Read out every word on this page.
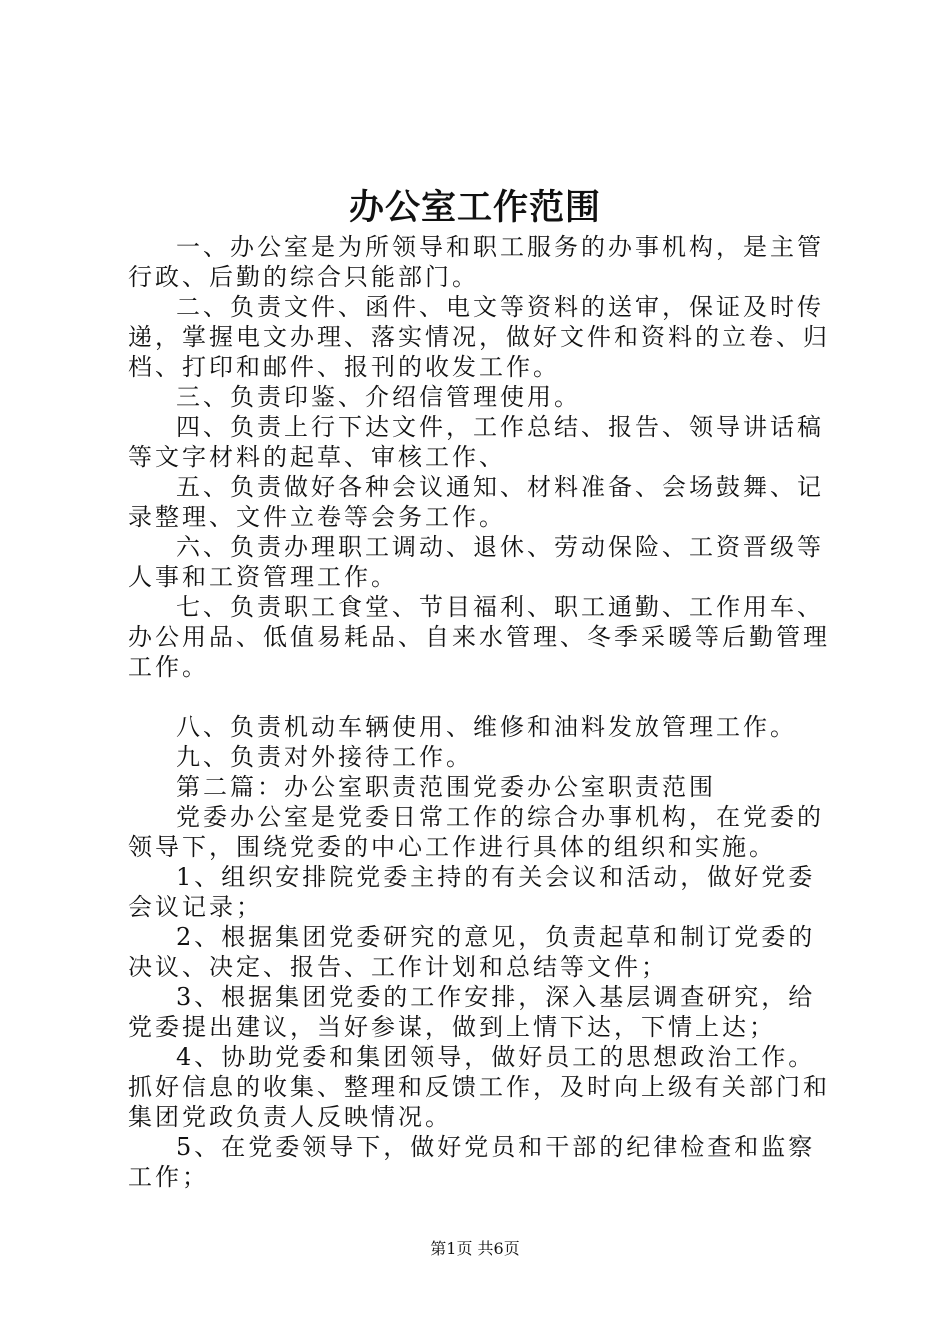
办公室工作范围

一、办公室是为所领导和职工服务的办事机构，是主管行政、后勤的综合只能部门。

二、负责文件、函件、电文等资料的送审，保证及时传递，掌握电文办理、落实情况，做好文件和资料的立卷、归档、打印和邮件、报刊的收发工作。

三、负责印鉴、介绍信管理使用。

四、负责上行下达文件，工作总结、报告、领导讲话稿等文字材料的起草、审核工作、

五、负责做好各种会议通知、材料准备、会场鼓舞、记录整理、文件立卷等会务工作。

六、负责办理职工调动、退休、劳动保险、工资晋级等人事和工资管理工作。

七、负责职工食堂、节目福利、职工通勤、工作用车、办公用品、低值易耗品、自来水管理、冬季采暖等后勤管理工作。

八、负责机动车辆使用、维修和油料发放管理工作。

九、负责对外接待工作。

第二篇：办公室职责范围党委办公室职责范围

党委办公室是党委日常工作的综合办事机构，在党委的领导下，围绕党委的中心工作进行具体的组织和实施。

1、组织安排院党委主持的有关会议和活动，做好党委会议记录；

2、根据集团党委研究的意见，负责起草和制订党委的决议、决定、报告、工作计划和总结等文件；

3、根据集团党委的工作安排，深入基层调查研究，给党委提出建议，当好参谋，做到上情下达，下情上达；

4、协助党委和集团领导，做好员工的思想政治工作。抓好信息的收集、整理和反馈工作，及时向上级有关部门和集团党政负责人反映情况。

5、在党委领导下，做好党员和干部的纪律检查和监察工作；

第1页 共6页
